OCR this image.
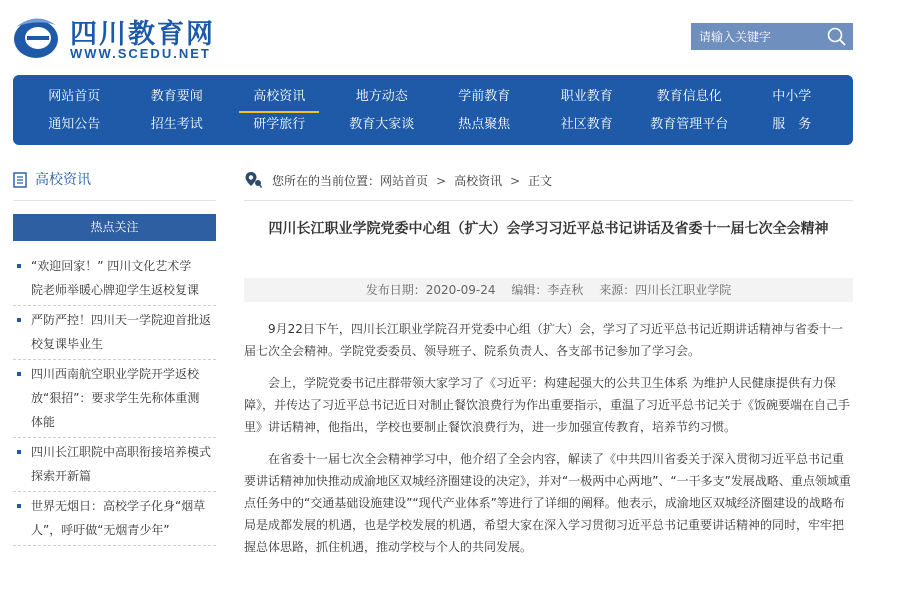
四川教育网
WWW.SCEDU.NET
请输入关键字
网站首页	教育要闻	高校资讯	地方动态	学前教育	职业教育	教育信息化	中小学
通知公告	招生考试	研学旅行	教育大家谈	热点聚焦	社区教育	教育管理平台	服　务
高校资讯
热点关注
“欢迎回家！” 四川文化艺术学
院老师举暖心牌迎学生返校复课
严防严控！四川天一学院迎首批返
校复课毕业生
四川西南航空职业学院开学返校
放“狠招”：要求学生先称体重测
体能
四川长江职院中高职衔接培养模式
探索开新篇
世界无烟日：高校学子化身“烟草
人”，呼吁做“无烟青少年”
您所在的当前位置：网站首页 > 高校资讯 > 正文
四川长江职业学院党委中心组（扩大）会学习习近平总书记讲话及省委十一届七次全会精神
发布日期：2020-09-24 编辑：李垚秋 来源：四川长江职业学院

9月22日下午，四川长江职业学院召开党委中心组（扩大）会，学习了习近平总书记近期讲话精神与省委十一届七次全会精神。学院党委委员、领导班子、院系负责人、各支部书记参加了学习会。

会上，学院党委书记庄群带领大家学习了《习近平：构建起强大的公共卫生体系 为维护人民健康提供有力保障》，并传达了习近平总书记近日对制止餐饮浪费行为作出重要指示，重温了习近平总书记关于《饭碗要端在自己手里》讲话精神，他指出，学校也要制止餐饮浪费行为，进一步加强宣传教育，培养节约习惯。

在省委十一届七次全会精神学习中，他介绍了全会内容，解读了《中共四川省委关于深入贯彻习近平总书记重要讲话精神加快推动成渝地区双城经济圈建设的决定》，并对“一极两中心两地”、“一干多支”发展战略、重点领域重点任务中的“交通基础设施建设”“现代产业体系”等进行了详细的阐释。他表示，成渝地区双城经济圈建设的战略布局是成都发展的机遇，也是学校发展的机遇，希望大家在深入学习贯彻习近平总书记重要讲话精神的同时，牢牢把握总体思路，抓住机遇，推动学校与个人的共同发展。
